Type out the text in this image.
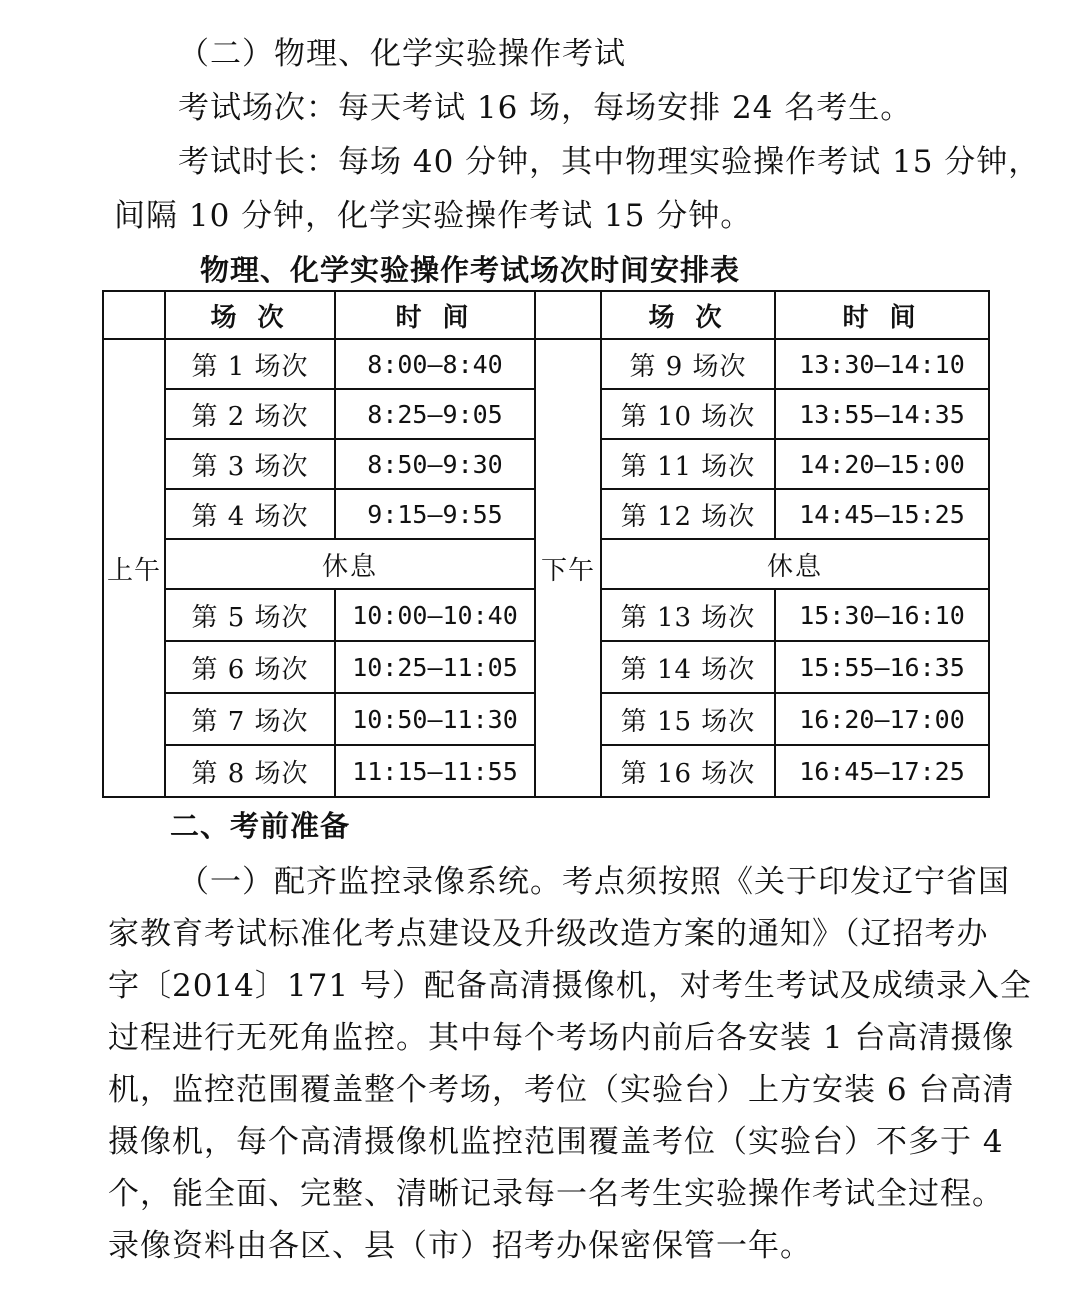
（二）物理、化学实验操作考试
考试场次：每天考试 16 场，每场安排 24 名考生。
考试时长：每场 40 分钟，其中物理实验操作考试 15 分钟，
间隔 10 分钟，化学实验操作考试 15 分钟。
物理、化学实验操作考试场次时间安排表
	场 次	时 间		场 次	时 间
上午	第 1 场次	8:00—8:40	下午	第 9 场次	13:30—14:10
	第 2 场次	8:25—9:05		第 10 场次	13:55—14:35
	第 3 场次	8:50—9:30		第 11 场次	14:20—15:00
	第 4 场次	9:15—9:55		第 12 场次	14:45—15:25
	休息			休息	
	第 5 场次	10:00—10:40		第 13 场次	15:30—16:10
	第 6 场次	10:25—11:05		第 14 场次	15:55—16:35
	第 7 场次	10:50—11:30		第 15 场次	16:20—17:00
	第 8 场次	11:15—11:55		第 16 场次	16:45—17:25
二、考前准备
（一）配齐监控录像系统。考点须按照《关于印发辽宁省国
家教育考试标准化考点建设及升级改造方案的通知》（辽招考办
字〔2014〕171 号）配备高清摄像机，对考生考试及成绩录入全
过程进行无死角监控。其中每个考场内前后各安装 1 台高清摄像
机，监控范围覆盖整个考场，考位（实验台）上方安装 6 台高清
摄像机，每个高清摄像机监控范围覆盖考位（实验台）不多于 4
个，能全面、完整、清晰记录每一名考生实验操作考试全过程。
录像资料由各区、县（市）招考办保密保管一年。
